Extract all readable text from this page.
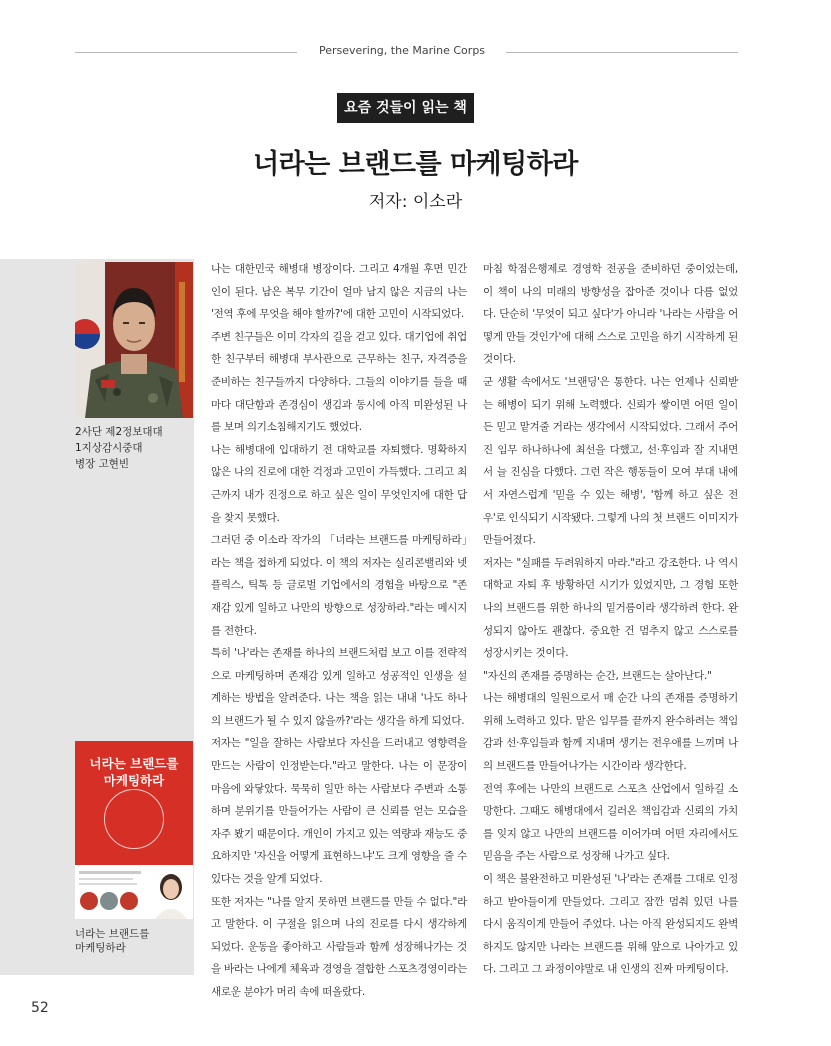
Persevering, the Marine Corps
요즘 것들이 읽는 책
너라는 브랜드를 마케팅하라
저자: 이소라
2사단 제2정보대대
1지상감시중대
병장 고현빈
너라는 브랜드를
마케팅하라
너라는 브랜드를
마케팅하라

나는 대한민국 해병대 병장이다. 그리고 4개월 후면 민간인이 된다. 남은 복무 기간이 얼마 남지 않은 지금의 나는 '전역 후에 무엇을 해야 할까?'에 대한 고민이 시작되었다.

주변 친구들은 이미 각자의 길을 걷고 있다. 대기업에 취업한 친구부터 해병대 부사관으로 근무하는 친구, 자격증을 준비하는 친구들까지 다양하다. 그들의 이야기를 들을 때마다 대단함과 존경심이 생김과 동시에 아직 미완성된 나를 보며 의기소침해지기도 했었다.

나는 해병대에 입대하기 전 대학교를 자퇴했다. 명확하지 않은 나의 진로에 대한 걱정과 고민이 가득했다. 그리고 최근까지 내가 진정으로 하고 싶은 일이 무엇인지에 대한 답을 찾지 못했다.

그러던 중 이소라 작가의 「너라는 브랜드를 마케팅하라」라는 책을 접하게 되었다. 이 책의 저자는 실리콘밸리와 넷플릭스, 틱톡 등 글로벌 기업에서의 경험을 바탕으로 "존재감 있게 일하고 나만의 방향으로 성장하라."라는 메시지를 전한다.

특히 '나'라는 존재를 하나의 브랜드처럼 보고 이를 전략적으로 마케팅하며 존재감 있게 일하고 성공적인 인생을 설계하는 방법을 알려준다. 나는 책을 읽는 내내 '나도 하나의 브랜드가 될 수 있지 않을까?'라는 생각을 하게 되었다.

저자는 "일을 잘하는 사람보다 자신을 드러내고 영향력을 만드는 사람이 인정받는다."라고 말한다. 나는 이 문장이 마음에 와닿았다. 묵묵히 일만 하는 사람보다 주변과 소통하며 분위기를 만들어가는 사람이 큰 신뢰를 얻는 모습을 자주 봤기 때문이다. 개인이 가지고 있는 역량과 재능도 중요하지만 '자신을 어떻게 표현하느냐'도 크게 영향을 줄 수 있다는 것을 알게 되었다.

또한 저자는 "나를 알지 못하면 브랜드를 만들 수 없다."라고 말한다. 이 구절을 읽으며 나의 진로를 다시 생각하게 되었다. 운동을 좋아하고 사람들과 함께 성장해나가는 것을 바라는 나에게 체육과 경영을 결합한 스포츠경영이라는 새로운 분야가 머리 속에 떠올랐다.

마침 학점은행제로 경영학 전공을 준비하던 중이었는데, 이 책이 나의 미래의 방향성을 잡아준 것이나 다름 없었다. 단순히 '무엇이 되고 싶다'가 아니라 '나라는 사람을 어떻게 만들 것인가'에 대해 스스로 고민을 하기 시작하게 된 것이다.

군 생활 속에서도 '브랜딩'은 통한다. 나는 언제나 신뢰받는 해병이 되기 위해 노력했다. 신뢰가 쌓이면 어떤 일이든 믿고 맡겨줄 거라는 생각에서 시작되었다. 그래서 주어진 임무 하나하나에 최선을 다했고, 선·후임과 잘 지내면서 늘 진심을 다했다. 그런 작은 행동들이 모여 부대 내에서 자연스럽게 '믿을 수 있는 해병', '함께 하고 싶은 전우'로 인식되기 시작됐다. 그렇게 나의 첫 브랜드 이미지가 만들어졌다.

저자는 "실패를 두려워하지 마라."라고 강조한다. 나 역시 대학교 자퇴 후 방황하던 시기가 있었지만, 그 경험 또한 나의 브랜드를 위한 하나의 밑거름이라 생각하려 한다. 완성되지 않아도 괜찮다. 중요한 건 멈추지 않고 스스로를 성장시키는 것이다.

"자신의 존재를 증명하는 순간, 브랜드는 살아난다."

나는 해병대의 일원으로서 매 순간 나의 존재를 증명하기 위해 노력하고 있다. 맡은 임무를 끝까지 완수하려는 책임감과 선·후임들과 함께 지내며 생기는 전우애를 느끼며 나의 브랜드를 만들어나가는 시간이라 생각한다.

전역 후에는 나만의 브랜드로 스포츠 산업에서 일하길 소망한다. 그때도 해병대에서 길러온 책임감과 신뢰의 가치를 잊지 않고 나만의 브랜드를 이어가며 어떤 자리에서도 믿음을 주는 사람으로 성장해 나가고 싶다.

이 책은 불완전하고 미완성된 '나'라는 존재를 그대로 인정하고 받아들이게 만들었다. 그리고 잠깐 멈춰 있던 나를 다시 움직이게 만들어 주었다. 나는 아직 완성되지도 완벽하지도 않지만 나라는 브랜드를 위해 앞으로 나아가고 있다. 그리고 그 과정이야말로 내 인생의 진짜 마케팅이다.

52
